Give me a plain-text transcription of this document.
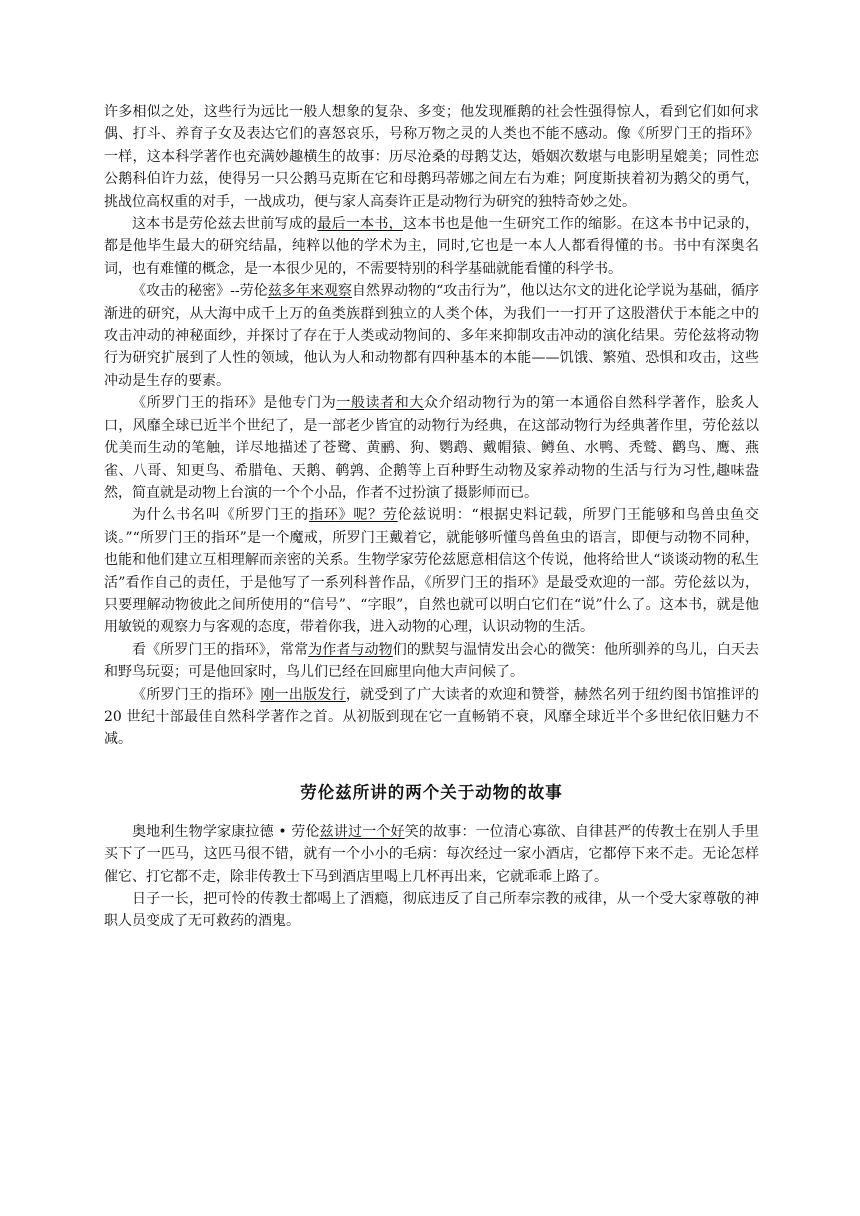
许多相似之处，这些行为远比一般人想象的复杂、多变；他发现雁鹅的社会性强得惊人，看到它们如何求偶、打斗、养育子女及表达它们的喜怒哀乐，号称万物之灵的人类也不能不感动。像《所罗门王的指环》一样，这本科学著作也充满妙趣横生的故事：历尽沧桑的母鹅艾达，婚姻次数堪与电影明星媲美；同性恋公鹅科伯许力兹，使得另一只公鹅马克斯在它和母鹅玛蒂娜之间左右为难；阿度斯挟着初为鹅父的勇气，挑战位高权重的对手，一战成功，便与家人高奏许正是动物行为研究的独特奇妙之处。

这本书是劳伦兹去世前写成的最后一本书，这本书也是他一生研究工作的缩影。在这本书中记录的，都是他毕生最大的研究结晶，纯粹以他的学术为主，同时,它也是一本人人都看得懂的书。书中有深奥名词，也有难懂的概念，是一本很少见的，不需要特别的科学基础就能看懂的科学书。

《攻击的秘密》--劳伦兹多年来观察自然界动物的“攻击行为”，他以达尔文的进化论学说为基础，循序渐进的研究，从大海中成千上万的鱼类族群到独立的人类个体，为我们一一打开了这股潜伏于本能之中的攻击冲动的神秘面纱，并探讨了存在于人类或动物间的、多年来抑制攻击冲动的演化结果。劳伦兹将动物行为研究扩展到了人性的领域，他认为人和动物都有四种基本的本能——饥饿、繁殖、恐惧和攻击，这些冲动是生存的要素。

《所罗门王的指环》是他专门为一般读者和大众介绍动物行为的第一本通俗自然科学著作，脍炙人口，风靡全球已近半个世纪了，是一部老少皆宜的动物行为经典，在这部动物行为经典著作里，劳伦兹以优美而生动的笔触，详尽地描述了苍鹭、黄鹂、狗、鹦鹉、戴帽猿、鳟鱼、水鸭、秃鹫、鹳鸟、鹰、燕雀、八哥、知更鸟、希腊龟、天鹅、鹌鹑、企鹅等上百种野生动物及家养动物的生活与行为习性,趣味盎然，简直就是动物上台演的一个个小品，作者不过扮演了摄影师而已。

为什么书名叫《所罗门王的指环》呢？劳伦兹说明：“根据史料记载，所罗门王能够和鸟兽虫鱼交谈。”“所罗门王的指环”是一个魔戒，所罗门王戴着它，就能够听懂鸟兽鱼虫的语言，即便与动物不同种，也能和他们建立互相理解而亲密的关系。生物学家劳伦兹愿意相信这个传说，他将给世人“谈谈动物的私生活”看作自己的责任，于是他写了一系列科普作品，《所罗门王的指环》是最受欢迎的一部。劳伦兹以为，只要理解动物彼此之间所使用的“信号”、“字眼”，自然也就可以明白它们在“说”什么了。这本书，就是他用敏锐的观察力与客观的态度，带着你我，进入动物的心理，认识动物的生活。

看《所罗门王的指环》，常常为作者与动物们的默契与温情发出会心的微笑：他所驯养的鸟儿，白天去和野鸟玩耍；可是他回家时，鸟儿们已经在回廊里向他大声问候了。

《所罗门王的指环》刚一出版发行，就受到了广大读者的欢迎和赞誉，赫然名列于纽约图书馆推评的 20 世纪十部最佳自然科学著作之首。从初版到现在它一直畅销不衰，风靡全球近半个多世纪依旧魅力不减。

劳伦兹所讲的两个关于动物的故事

奥地利生物学家康拉德 • 劳伦兹讲过一个好笑的故事：一位清心寡欲、自律甚严的传教士在别人手里买下了一匹马，这匹马很不错，就有一个小小的毛病：每次经过一家小酒店，它都停下来不走。无论怎样催它、打它都不走，除非传教士下马到酒店里喝上几杯再出来，它就乖乖上路了。

日子一长，把可怜的传教士都喝上了酒瘾，彻底违反了自己所奉宗教的戒律，从一个受大家尊敬的神职人员变成了无可救药的酒鬼。
